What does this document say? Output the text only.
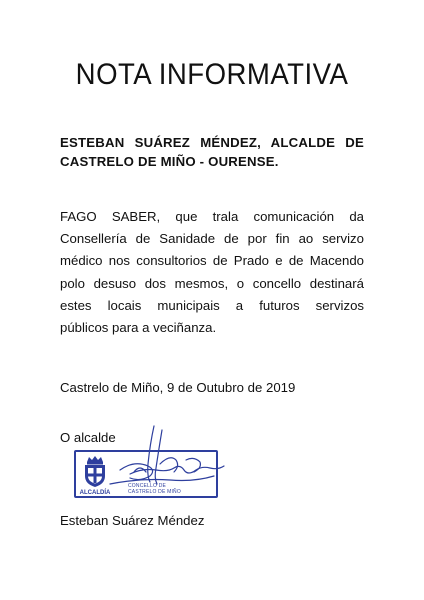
NOTA INFORMATIVA
ESTEBAN SUÁREZ MÉNDEZ, ALCALDE DE
CASTRELO DE MIÑO - OURENSE.
FAGO SABER, que trala comunicación da
Consellería de Sanidade de por fin ao servizo
médico nos consultorios de Prado e de Macendo
polo desuso dos mesmos, o concello destinará
estes locais municipais a futuros servizos
públicos para a veciñanza.
Castrelo de Miño, 9 de Outubro de 2019
O alcalde
ALCALDÍA
CONCELLO DE
CASTRELO DE MIÑO
Esteban Suárez Méndez
